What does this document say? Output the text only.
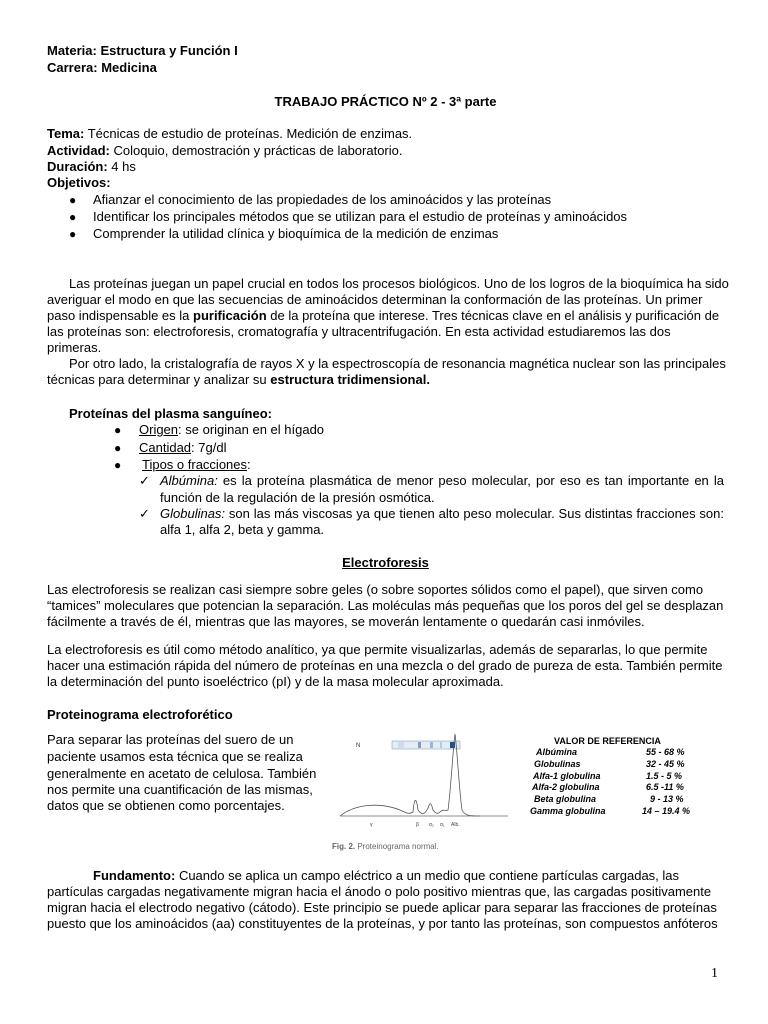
Materia: Estructura y Función I
Carrera: Medicina
TRABAJO PRÁCTICO Nº 2 - 3ª parte
Tema: Técnicas de estudio de proteínas. Medición de enzimas.
Actividad: Coloquio, demostración y prácticas de laboratorio.
Duración: 4 hs
Objetivos:
● Afianzar el conocimiento de las propiedades de los aminoácidos y las proteínas
● Identificar los principales métodos que se utilizan para el estudio de proteínas y aminoácidos
● Comprender la utilidad clínica y bioquímica de la medición de enzimas
Las proteínas juegan un papel crucial en todos los procesos biológicos. Uno de los logros de la bioquímica ha sido
averiguar el modo en que las secuencias de aminoácidos determinan la conformación de las proteínas. Un primer
paso indispensable es la purificación de la proteína que interese. Tres técnicas clave en el análisis y purificación de
las proteínas son: electroforesis, cromatografía y ultracentrifugación. En esta actividad estudiaremos las dos
primeras.
Por otro lado, la cristalografía de rayos X y la espectroscopía de resonancia magnética nuclear son las principales
técnicas para determinar y analizar su estructura tridimensional.
Proteínas del plasma sanguíneo:
● Origen: se originan en el hígado
● Cantidad: 7g/dl
● Tipos o fracciones:
✓ Albúmina: es la proteína plasmática de menor peso molecular, por eso es tan importante en la
función de la regulación de la presión osmótica.
✓ Globulinas: son las más viscosas ya que tienen alto peso molecular. Sus distintas fracciones son:
alfa 1, alfa 2, beta y gamma.
Electroforesis
Las electroforesis se realizan casi siempre sobre geles (o sobre soportes sólidos como el papel), que sirven como
“tamices” moleculares que potencian la separación. Las moléculas más pequeñas que los poros del gel se desplazan
fácilmente a través de él, mientras que las mayores, se moverán lentamente o quedarán casi inmóviles.
La electroforesis es útil como método analítico, ya que permite visualizarlas, además de separarlas, lo que permite
hacer una estimación rápida del número de proteínas en una mezcla o del grado de pureza de esta. También permite
la determinación del punto isoeléctrico (pI) y de la masa molecular aproximada.
Proteinograma electroforético
Para separar las proteínas del suero de un
paciente usamos esta técnica que se realiza
generalmente en acetato de celulosa. También
nos permite una cuantificación de las mismas,
datos que se obtienen como porcentajes.
Fundamento: Cuando se aplica un campo eléctrico a un medio que contiene partículas cargadas, las
partículas cargadas negativamente migran hacia el ánodo o polo positivo mientras que, las cargadas positivamente
migran hacia el electrodo negativo (cátodo). Este principio se puede aplicar para separar las fracciones de proteínas
puesto que los aminoácidos (aa) constituyentes de la proteínas, y por tanto las proteínas, son compuestos anfóteros
N
γ	β α₂ α₁ Alb.
Fig. 2. Proteinograma normal.
VALOR DE REFERENCIA
Albúmina	55 - 68 %
Globulinas	32 - 45 %
Alfa-1 globulina	1.5 - 5 %
Alfa-2 globulina	6.5 -11 %
Beta globulina	9 - 13 %
Gamma globulina	14 – 19.4 %
1
